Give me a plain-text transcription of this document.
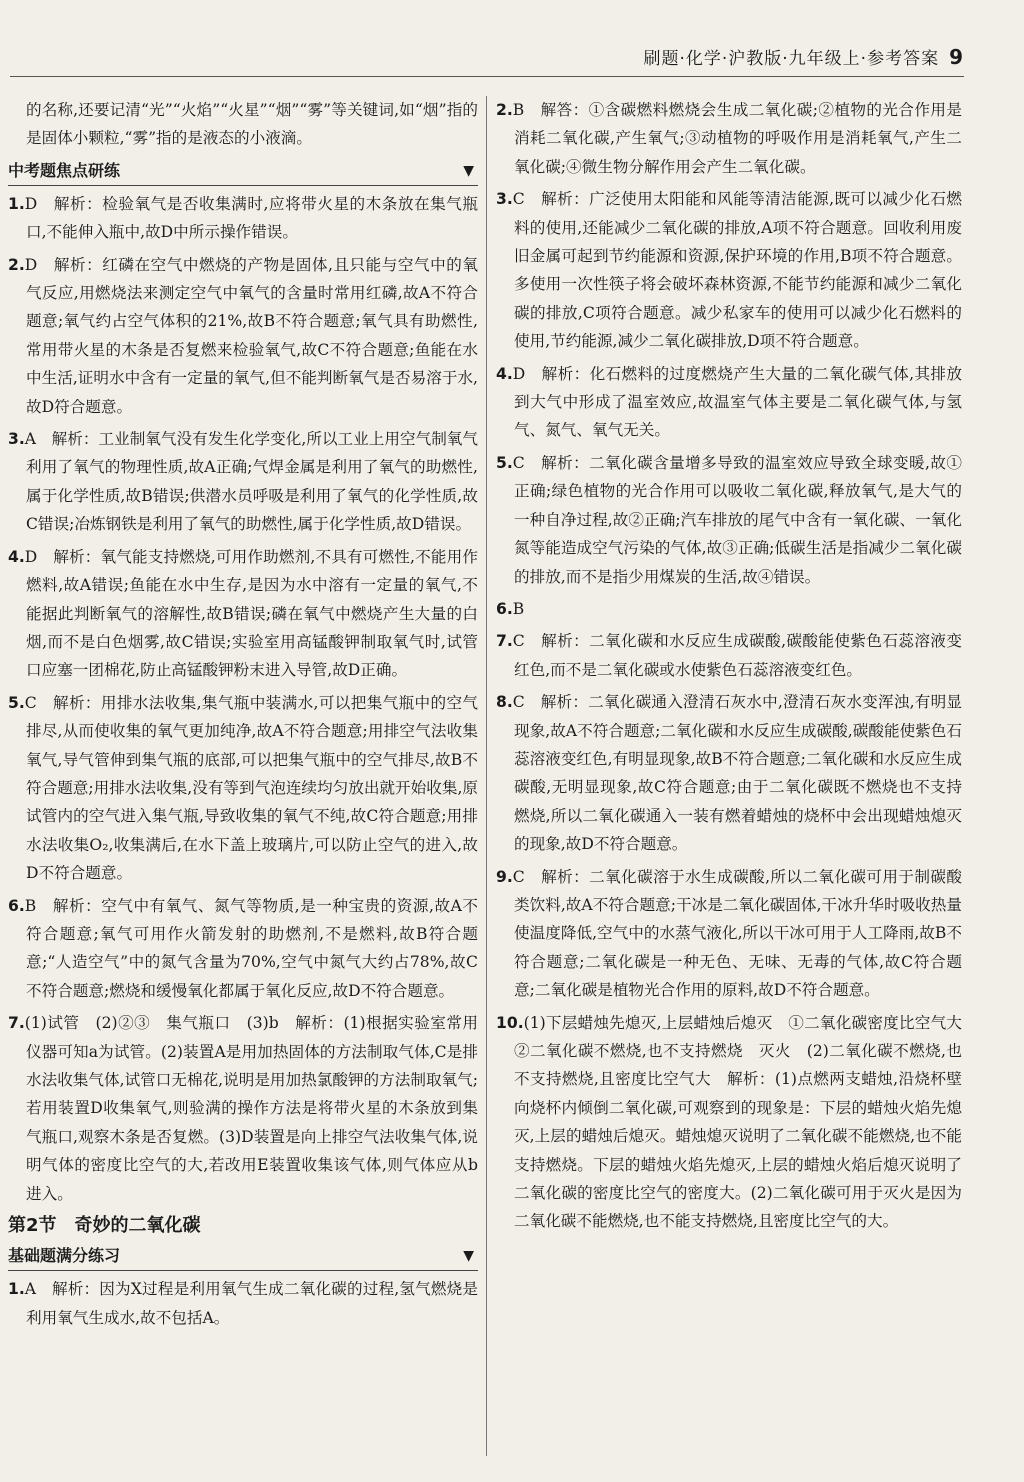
刷题·化学·沪教版·九年级上·参考答案 9

的名称,还要记清“光”“火焰”“火星”“烟”“雾”等关键词,如“烟”指的是固体小颗粒,“雾”指的是液态的小液滴。

中考题焦点研练	▼

1.D　解析：检验氧气是否收集满时,应将带火星的木条放在集气瓶口,不能伸入瓶中,故D中所示操作错误。

2.D　解析：红磷在空气中燃烧的产物是固体,且只能与空气中的氧气反应,用燃烧法来测定空气中氧气的含量时常用红磷,故A不符合题意;氧气约占空气体积的21%,故B不符合题意;氧气具有助燃性,常用带火星的木条是否复燃来检验氧气,故C不符合题意;鱼能在水中生活,证明水中含有一定量的氧气,但不能判断氧气是否易溶于水,故D符合题意。

3.A　解析：工业制氧气没有发生化学变化,所以工业上用空气制氧气利用了氧气的物理性质,故A正确;气焊金属是利用了氧气的助燃性,属于化学性质,故B错误;供潜水员呼吸是利用了氧气的化学性质,故C错误;冶炼钢铁是利用了氧气的助燃性,属于化学性质,故D错误。

4.D　解析：氧气能支持燃烧,可用作助燃剂,不具有可燃性,不能用作燃料,故A错误;鱼能在水中生存,是因为水中溶有一定量的氧气,不能据此判断氧气的溶解性,故B错误;磷在氧气中燃烧产生大量的白烟,而不是白色烟雾,故C错误;实验室用高锰酸钾制取氧气时,试管口应塞一团棉花,防止高锰酸钾粉末进入导管,故D正确。

5.C　解析：用排水法收集,集气瓶中装满水,可以把集气瓶中的空气排尽,从而使收集的氧气更加纯净,故A不符合题意;用排空气法收集氧气,导气管伸到集气瓶的底部,可以把集气瓶中的空气排尽,故B不符合题意;用排水法收集,没有等到气泡连续均匀放出就开始收集,原试管内的空气进入集气瓶,导致收集的氧气不纯,故C符合题意;用排水法收集O₂,收集满后,在水下盖上玻璃片,可以防止空气的进入,故D不符合题意。

6.B　解析：空气中有氧气、氮气等物质,是一种宝贵的资源,故A不符合题意;氧气可用作火箭发射的助燃剂,不是燃料,故B符合题意;“人造空气”中的氮气含量为70%,空气中氮气大约占78%,故C不符合题意;燃烧和缓慢氧化都属于氧化反应,故D不符合题意。

7.(1)试管　(2)②③　集气瓶口　(3)b　解析：(1)根据实验室常用仪器可知a为试管。(2)装置A是用加热固体的方法制取气体,C是排水法收集气体,试管口无棉花,说明是用加热氯酸钾的方法制取氧气;若用装置D收集氧气,则验满的操作方法是将带火星的木条放到集气瓶口,观察木条是否复燃。(3)D装置是向上排空气法收集气体,说明气体的密度比空气的大,若改用E装置收集该气体,则气体应从b进入。

第2节　奇妙的二氧化碳
基础题满分练习	▼

1.A　解析：因为X过程是利用氧气生成二氧化碳的过程,氢气燃烧是利用氧气生成水,故不包括A。

2.B　解答：①含碳燃料燃烧会生成二氧化碳;②植物的光合作用是消耗二氧化碳,产生氧气;③动植物的呼吸作用是消耗氧气,产生二氧化碳;④微生物分解作用会产生二氧化碳。

3.C　解析：广泛使用太阳能和风能等清洁能源,既可以减少化石燃料的使用,还能减少二氧化碳的排放,A项不符合题意。回收利用废旧金属可起到节约能源和资源,保护环境的作用,B项不符合题意。多使用一次性筷子将会破坏森林资源,不能节约能源和减少二氧化碳的排放,C项符合题意。减少私家车的使用可以减少化石燃料的使用,节约能源,减少二氧化碳排放,D项不符合题意。

4.D　解析：化石燃料的过度燃烧产生大量的二氧化碳气体,其排放到大气中形成了温室效应,故温室气体主要是二氧化碳气体,与氢气、氮气、氧气无关。

5.C　解析：二氧化碳含量增多导致的温室效应导致全球变暖,故①正确;绿色植物的光合作用可以吸收二氧化碳,释放氧气,是大气的一种自净过程,故②正确;汽车排放的尾气中含有一氧化碳、一氧化氮等能造成空气污染的气体,故③正确;低碳生活是指减少二氧化碳的排放,而不是指少用煤炭的生活,故④错误。

6.B

7.C　解析：二氧化碳和水反应生成碳酸,碳酸能使紫色石蕊溶液变红色,而不是二氧化碳或水使紫色石蕊溶液变红色。

8.C　解析：二氧化碳通入澄清石灰水中,澄清石灰水变浑浊,有明显现象,故A不符合题意;二氧化碳和水反应生成碳酸,碳酸能使紫色石蕊溶液变红色,有明显现象,故B不符合题意;二氧化碳和水反应生成碳酸,无明显现象,故C符合题意;由于二氧化碳既不燃烧也不支持燃烧,所以二氧化碳通入一装有燃着蜡烛的烧杯中会出现蜡烛熄灭的现象,故D不符合题意。

9.C　解析：二氧化碳溶于水生成碳酸,所以二氧化碳可用于制碳酸类饮料,故A不符合题意;干冰是二氧化碳固体,干冰升华时吸收热量使温度降低,空气中的水蒸气液化,所以干冰可用于人工降雨,故B不符合题意;二氧化碳是一种无色、无味、无毒的气体,故C符合题意;二氧化碳是植物光合作用的原料,故D不符合题意。

10.(1)下层蜡烛先熄灭,上层蜡烛后熄灭　①二氧化碳密度比空气大　②二氧化碳不燃烧,也不支持燃烧　灭火　(2)二氧化碳不燃烧,也不支持燃烧,且密度比空气大　解析：(1)点燃两支蜡烛,沿烧杯壁向烧杯内倾倒二氧化碳,可观察到的现象是：下层的蜡烛火焰先熄灭,上层的蜡烛后熄灭。蜡烛熄灭说明了二氧化碳不能燃烧,也不能支持燃烧。下层的蜡烛火焰先熄灭,上层的蜡烛火焰后熄灭说明了二氧化碳的密度比空气的密度大。(2)二氧化碳可用于灭火是因为二氧化碳不能燃烧,也不能支持燃烧,且密度比空气的大。
